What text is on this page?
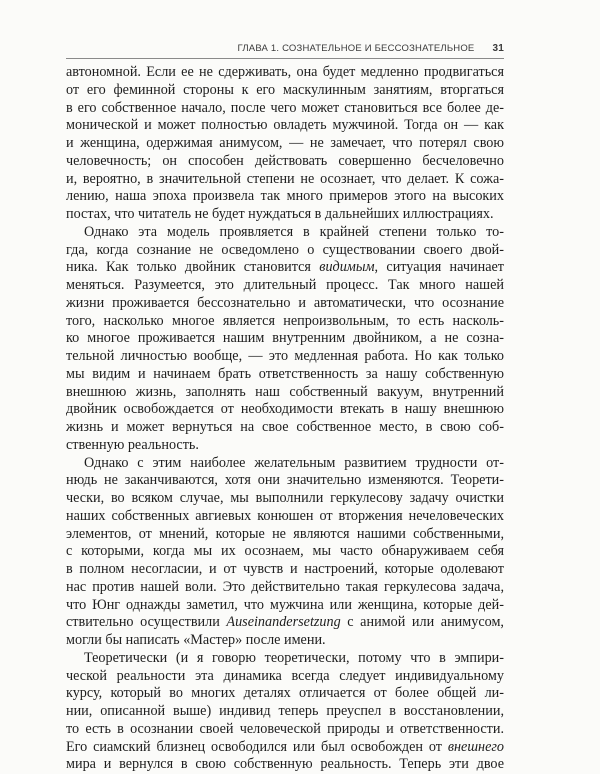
ГЛАВА 1. СОЗНАТЕЛЬНОЕ И БЕССОЗНАТЕЛЬНОЕ 31

автономной. Если ее не сдерживать, она будет медленно продвигаться
от его феминной стороны к его маскулинным занятиям, вторгаться
в его собственное начало, после чего может становиться все более де-
монической и может полностью овладеть мужчиной. Тогда он — как
и женщина, одержимая анимусом, — не замечает, что потерял свою
человечность; он способен действовать совершенно бесчеловечно
и, вероятно, в значительной степени не осознает, что делает. К сожа-
лению, наша эпоха произвела так много примеров этого на высоких
постах, что читатель не будет нуждаться в дальнейших иллюстрациях.

Однако эта модель проявляется в крайней степени только то-
гда, когда сознание не осведомлено о существовании своего двой-
ника. Как только двойник становится видимым, ситуация начинает
меняться. Разумеется, это длительный процесс. Так много нашей
жизни проживается бессознательно и автоматически, что осознание
того, насколько многое является непроизвольным, то есть насколь-
ко многое проживается нашим внутренним двойником, а не созна-
тельной личностью вообще, — это медленная работа. Но как только
мы видим и начинаем брать ответственность за нашу собственную
внешнюю жизнь, заполнять наш собственный вакуум, внутренний
двойник освобождается от необходимости втекать в нашу внешнюю
жизнь и может вернуться на свое собственное место, в свою соб-
ственную реальность.

Однако с этим наиболее желательным развитием трудности от-
нюдь не заканчиваются, хотя они значительно изменяются. Теорети-
чески, во всяком случае, мы выполнили геркулесову задачу очистки
наших собственных авгиевых конюшен от вторжения нечеловеческих
элементов, от мнений, которые не являются нашими собственными,
с которыми, когда мы их осознаем, мы часто обнаруживаем себя
в полном несогласии, и от чувств и настроений, которые одолевают
нас против нашей воли. Это действительно такая геркулесова задача,
что Юнг однажды заметил, что мужчина или женщина, которые дей-
ствительно осуществили Auseinandersetzung с анимой или анимусом,
могли бы написать «Мастер» после имени.

Теоретически (и я говорю теоретически, потому что в эмпири-
ческой реальности эта динамика всегда следует индивидуальному
курсу, который во многих деталях отличается от более общей ли-
нии, описанной выше) индивид теперь преуспел в восстановлении,
то есть в осознании своей человеческой природы и ответственности.
Его сиамский близнец освободился или был освобожден от внешнего
мира и вернулся в свою собственную реальность. Теперь эти двое
